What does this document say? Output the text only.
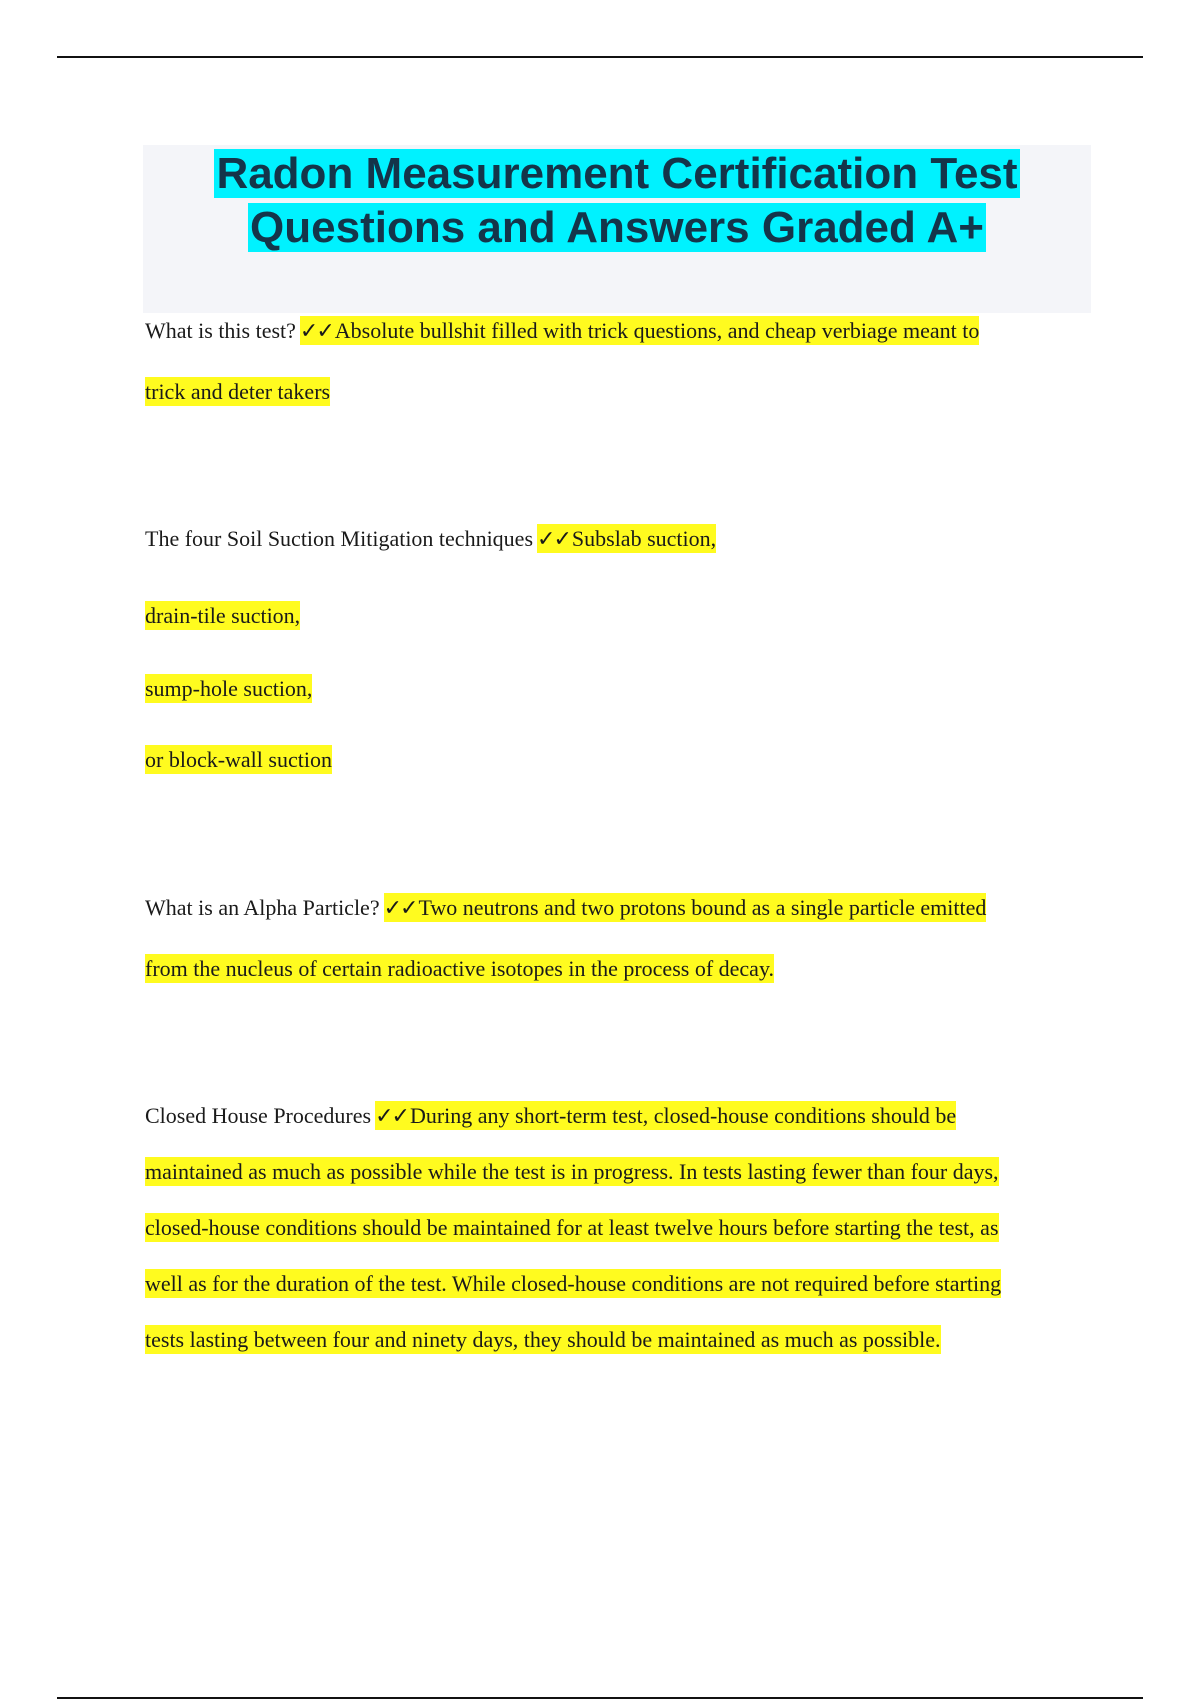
Radon Measurement Certification Test
Questions and Answers Graded A+
What is this test? ✓✓Absolute bullshit filled with trick questions, and cheap verbiage meant to
trick and deter takers
The four Soil Suction Mitigation techniques ✓✓Subslab suction,
drain-tile suction,
sump-hole suction,
or block-wall suction
What is an Alpha Particle? ✓✓Two neutrons and two protons bound as a single particle emitted
from the nucleus of certain radioactive isotopes in the process of decay.
Closed House Procedures ✓✓During any short-term test, closed-house conditions should be
maintained as much as possible while the test is in progress. In tests lasting fewer than four days,
closed-house conditions should be maintained for at least twelve hours before starting the test, as
well as for the duration of the test. While closed-house conditions are not required before starting
tests lasting between four and ninety days, they should be maintained as much as possible.
